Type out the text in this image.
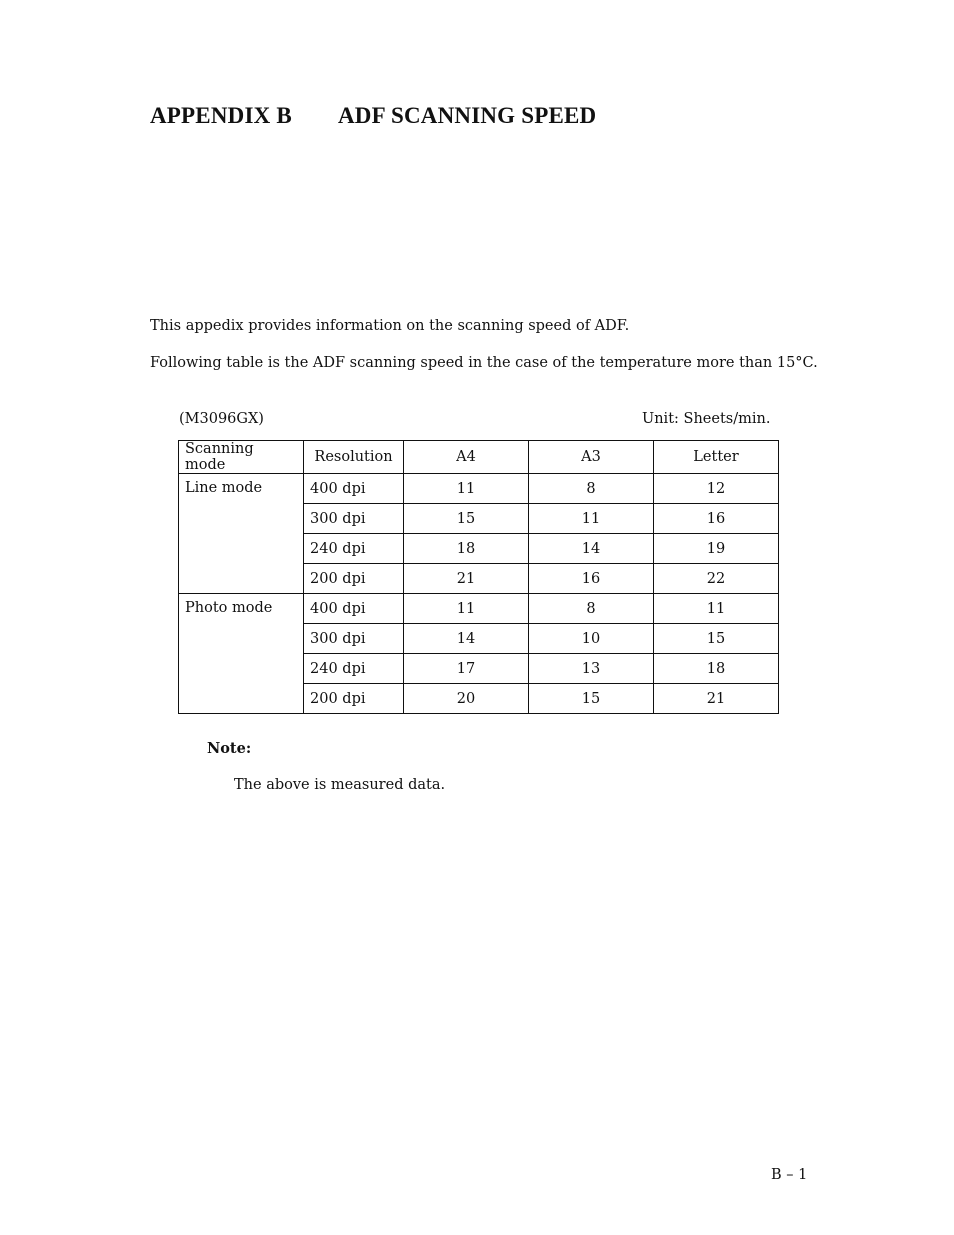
APPENDIX B ADF SCANNING SPEED
This appedix provides information on the scanning speed of ADF.
Following table is the ADF scanning speed in the case of the temperature more than 15°C.
(M3096GX)	Unit: Sheets/min.
Scanning mode	Resolution	A4	A3	Letter
Line mode	400 dpi	11	8	12
	300 dpi	15	11	16
	240 dpi	18	14	19
	200 dpi	21	16	22
Photo mode	400 dpi	11	8	11
	300 dpi	14	10	15
	240 dpi	17	13	18
	200 dpi	20	15	21
Note:
The above is measured data.
B – 1
